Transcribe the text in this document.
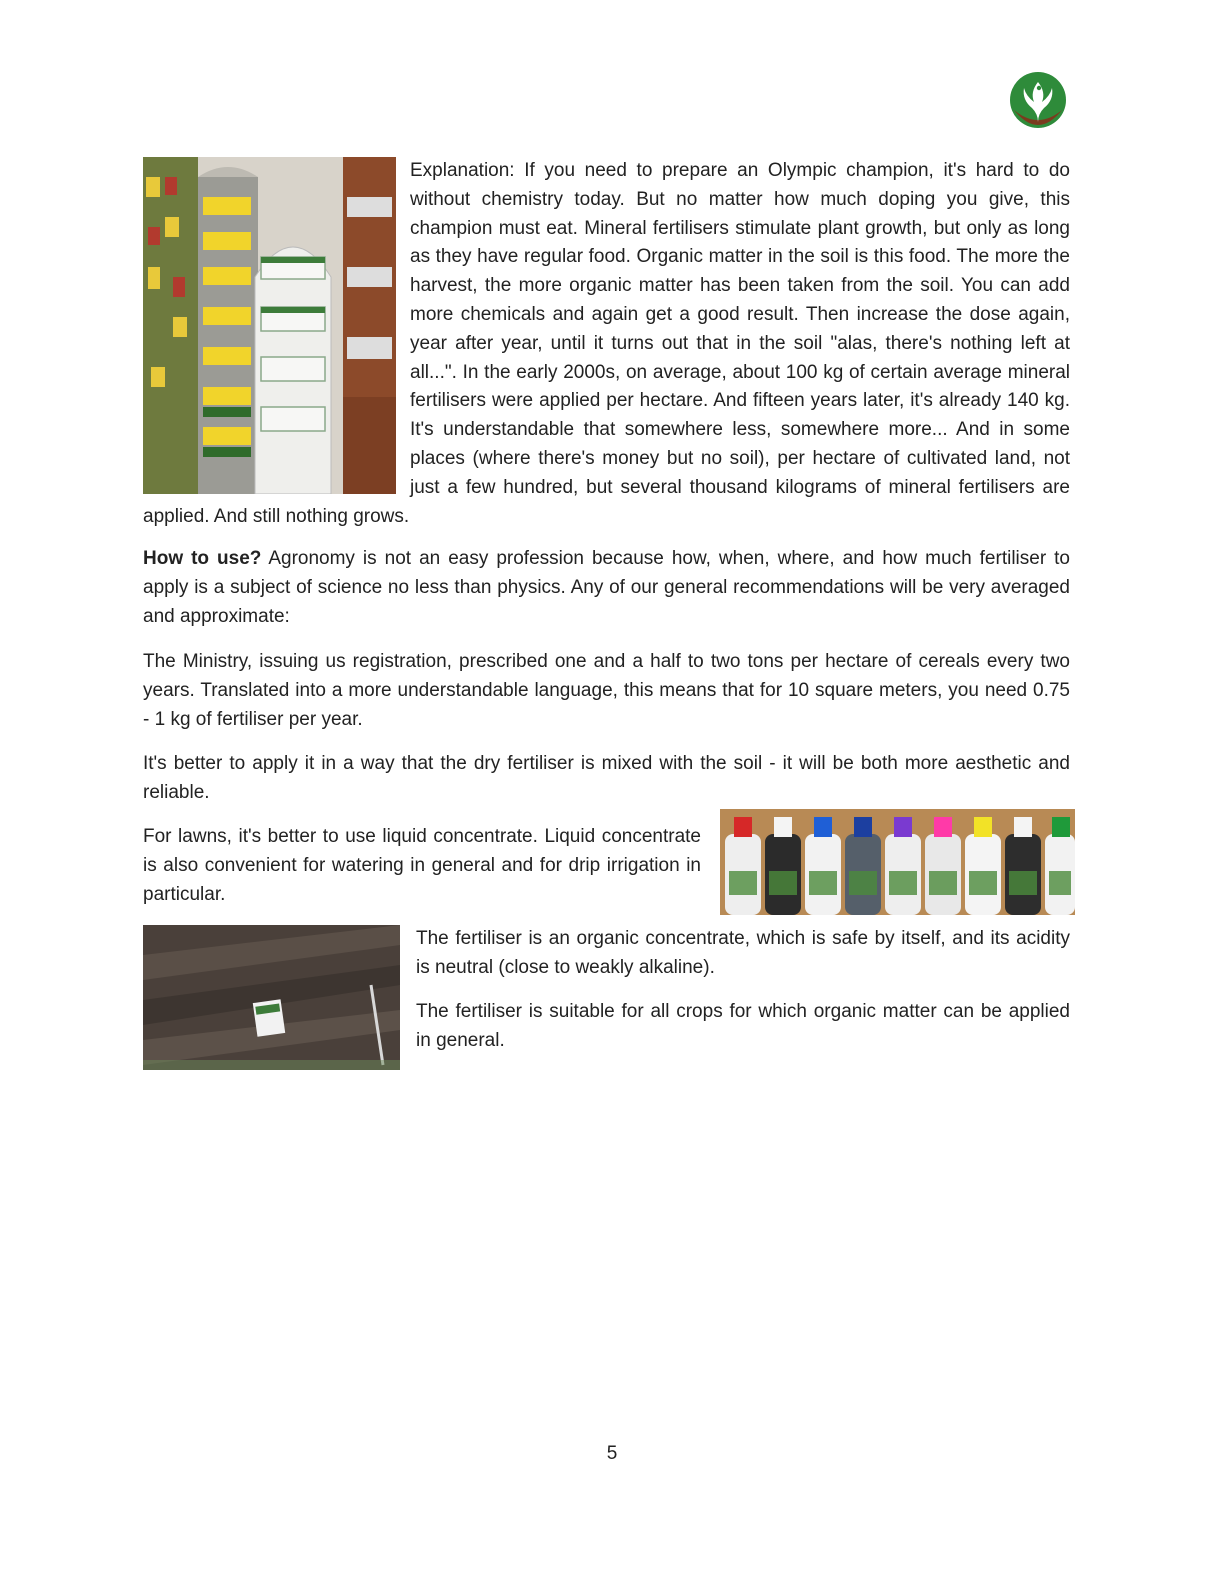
Explanation: If you need to prepare an Olympic champion, it's hard to do without chemistry today. But no matter how much doping you give, this champion must eat. Mineral fertilisers stimulate plant growth, but only as long as they have regular food. Organic matter in the soil is this food. The more the harvest, the more organic matter has been taken from the soil. You can add more chemicals and again get a good result. Then increase the dose again, year after year, until it turns out that in the soil "alas, there's nothing left at all...". In the early 2000s, on average, about 100 kg of certain average mineral fertilisers were applied per hectare. And fifteen years later, it's already 140 kg. It's understandable that somewhere less, somewhere more... And in some places (where there's money but no soil), per hectare of cultivated land, not just a few hundred, but several thousand kilograms of mineral fertilisers are applied. And still nothing grows.

How to use? Agronomy is not an easy profession because how, when, where, and how much fertiliser to apply is a subject of science no less than physics. Any of our general recommendations will be very averaged and approximate:

The Ministry, issuing us registration, prescribed one and a half to two tons per hectare of cereals every two years. Translated into a more understandable language, this means that for 10 square meters, you need 0.75 - 1 kg of fertiliser per year.

It's better to apply it in a way that the dry fertiliser is mixed with the soil - it will be both more aesthetic and reliable.

For lawns, it's better to use liquid concentrate. Liquid concentrate is also convenient for watering in general and for drip irrigation in particular.

The fertiliser is an organic concentrate, which is safe by itself, and its acidity is neutral (close to weakly alkaline).

The fertiliser is suitable for all crops for which organic matter can be applied in general.

5
